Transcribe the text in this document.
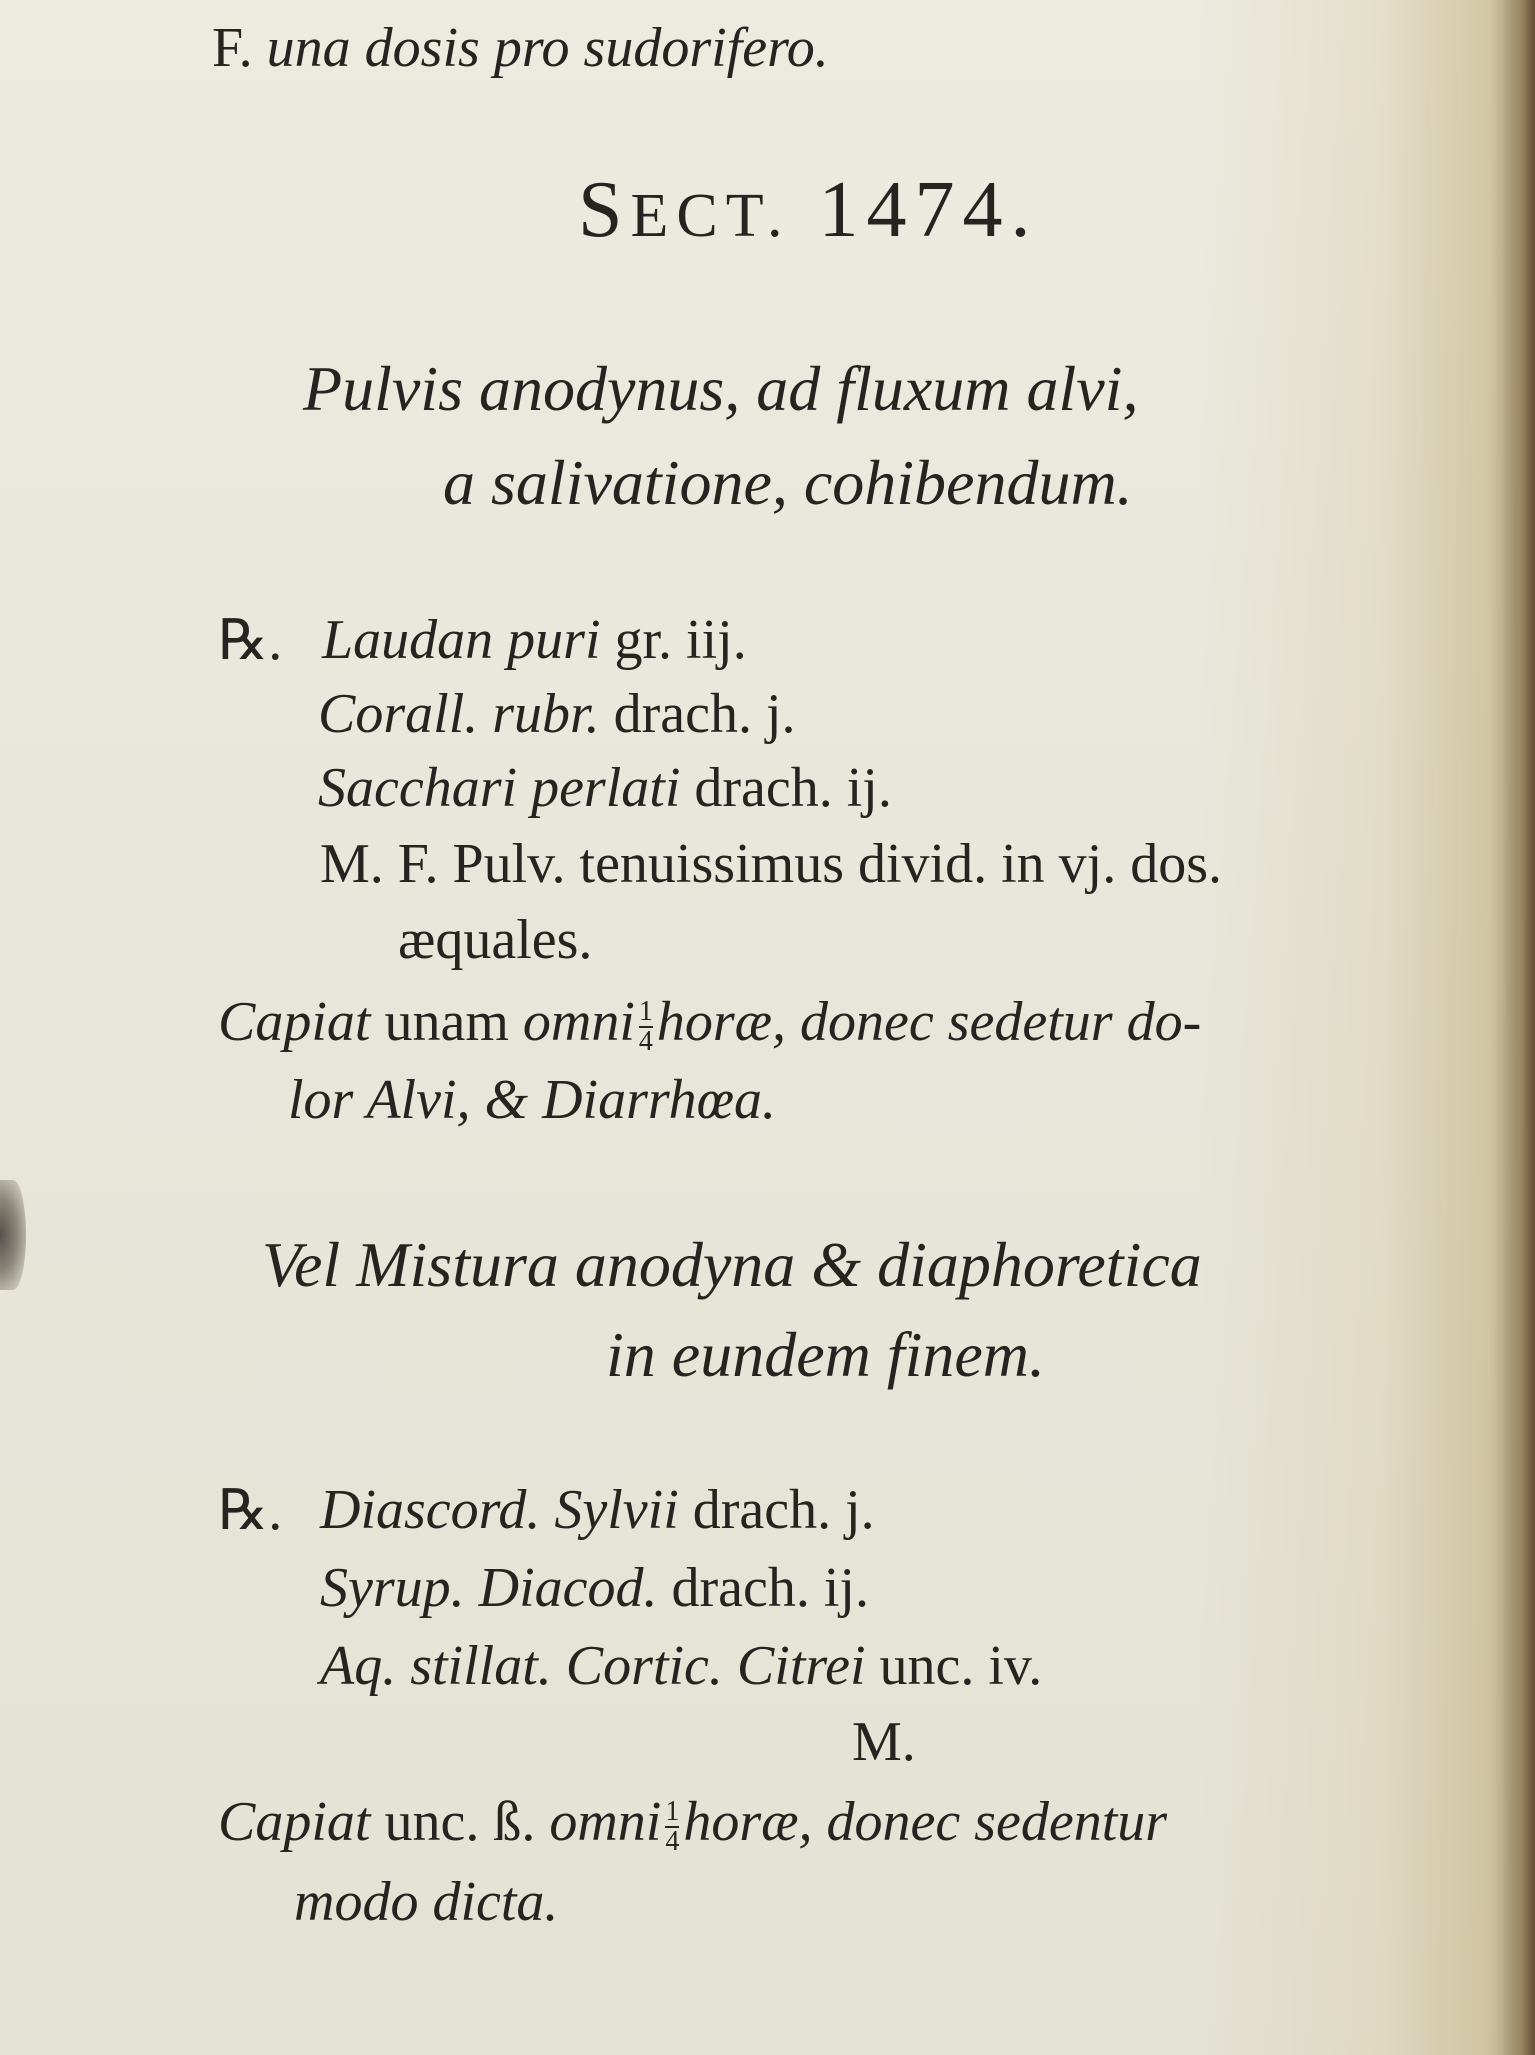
F. una dosis pro sudorifero.
SECT. 1474.
Pulvis anodynus, ad fluxum alvi,
a salivatione, cohibendum.
℞. Laudan puri gr. iij.
Corall. rubr. drach. j.
Sacchari perlati drach. ij.
M. F. Pulv. tenuissimus divid. in vj. dos.
æquales.
Capiat unam omni $\frac{1}{4}$ horæ, donec sedetur do-
lor Alvi, & Diarrhœa.
Vel Mistura anodyna & diaphoretica
in eundem finem.
℞. Diascord. Sylvii drach. j.
Syrup. Diacod. drach. ij.
Aq. stillat. Cortic. Citrei unc. iv.
M.
Capiat unc. ß. omni $\frac{1}{4}$ horæ, donec sedentur
modo dicta.
